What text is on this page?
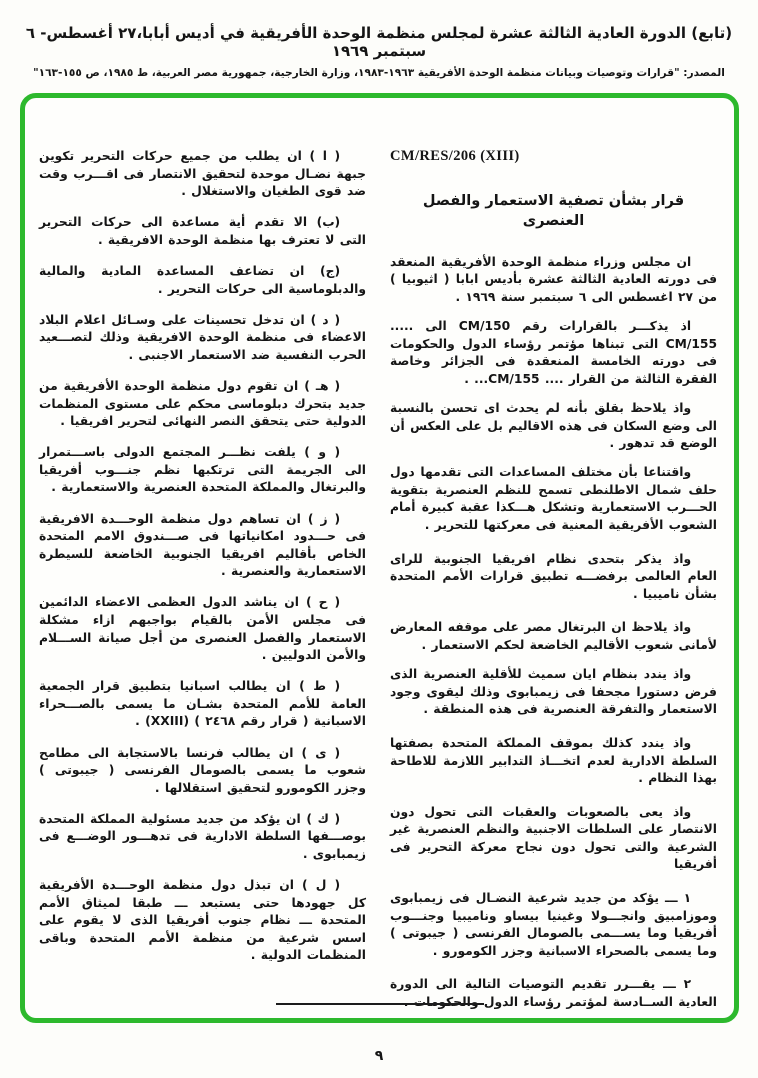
(تابع) الدورة العادية الثالثة عشرة لمجلس منظمة الوحدة الأفريقية في أديس أبابا،٢٧ أغسطس- ٦ سبتمبر ١٩٦٩
المصدر: "قرارات وتوصيات وبيانات منظمة الوحدة الأفريقية ١٩٦٣-١٩٨٣، وزارة الخارجية، جمهورية مصر العربية، ط ١٩٨٥، ص ١٥٥-١٦٣"
CM/RES/206 (XIII)
قرار بشأن تصفية الاستعمار والفصل العنصرى

ان مجلس وزراء منظمة الوحدة الأفريقية المنعقد فى دورته العادية الثالثة عشرة بأديس ابابا ( اثيوبيا ) من ٢٧ اغسطس الى ٦ سبتمبر سنة ١٩٦٩ .

اذ يذكـــر بالقرارات رقم CM/150 الى ..... CM/155 التى تبناها مؤتمر رؤساء الدول والحكومات فى دورته الخامسة المنعقدة فى الجزائر وخاصة الفقرة الثالثة من القرار .... CM/155... .

واذ يلاحظ بقلق بأنه لم يحدث اى تحسن بالنسبة الى وضع السكان فى هذه الاقاليم بل على العكس أن الوضع قد تدهور .

واقتناعا بأن مختلف المساعدات التى تقدمها دول حلف شمال الاطلنطى تسمح للنظم العنصرية بتقوية الحـــرب الاستعمارية وتشكل هـــكذا عقبة كبيرة أمام الشعوب الأفريقية المعنية فى معركتها للتحرير .

واذ يذكر بتحدى نظام افريقيا الجنوبية للراى العام العالمى برفضـــه تطبيق قرارات الأمم المتحدة بشأن ناميبيا .

واذ يلاحظ ان البرتغال مصر على موقفه المعارض لأمانى شعوب الأقاليم الخاضعة لحكم الاستعمار .

واذ يندد بنظام ايان سميث للأقلية العنصرية الذى فرض دستورا مجحفا فى زيمبابوى وذلك ليقوى وجود الاستعمار والتفرقة العنصرية فى هذه المنطقة .

واذ يندد كذلك بموقف المملكة المتحدة بصفتها السلطة الادارية لعدم اتخـــاذ التدابير اللازمة للاطاحة بهذا النظام .

واذ يعى بالصعوبات والعقبات التى تحول دون الانتصار على السلطات الاجنبية والنظم العنصرية غير الشرعية والتى تحول دون نجاح معركة التحرير فى أفريقيا

١ ـــ يؤكد من جديد شرعية النضـال فى زيمبابوى وموزامبيق وانجـــولا وغينيا بيساو وناميبيا وجنـــوب أفريقيا وما يســـمى بالصومال الفرنسى ( جيبوتى ) وما يسمى بالصحراء الاسبانية وجزر الكومورو .

٢ ـــ يقـــرر تقديم التوصيات التالية الى الدورة العادية الســادسة لمؤتمر رؤساء الدول والحكومات .

( ا ) ان يطلب من جميع حركات التحرير تكوين جبهة نضـال موحدة لتحقيق الانتصار فى اقـــرب وقت ضد قوى الطغيان والاستغلال .

(ب) الا تقدم أية مساعدة الى حركات التحرير التى لا تعترف بها منظمة الوحدة الافريقية .

(ج) ان تضاعف المساعدة المادية والمالية والدبلوماسية الى حركات التحرير .

( د ) ان تدخل تحسينات على وسـائل اعلام البلاد الاعضاء فى منظمة الوحدة الافريقية وذلك لتصـــعيد الحرب النفسية ضد الاستعمار الاجنبى .

( هـ ) ان تقوم دول منظمة الوحدة الأفريقية من جديد بتحرك دبلوماسى محكم على مستوى المنظمات الدولية حتى يتحقق النصر النهائى لتحرير افريقيا .

( و ) يلفت نظـــر المجتمع الدولى باســـتمرار الى الجريمة التى ترتكبها نظم جنـــوب أفريقيا والبرتغال والمملكة المتحدة العنصرية والاستعمارية .

( ز ) ان تساهم دول منظمة الوحـــدة الافريقية فى حـــدود امكانياتها فى صـــندوق الامم المتحدة الخاص بأقاليم افريقيا الجنوبية الخاضعة للسيطرة الاستعمارية والعنصرية .

( ح ) ان يناشد الدول العظمى الاعضاء الدائمين فى مجلس الأمن بالقيام بواجبهم ازاء مشكلة الاستعمار والفصل العنصرى من أجل صيانة الســـلام والأمن الدوليين .

( ط ) ان يطالب اسبانيا بتطبيق قرار الجمعية العامة للأمم المتحدة بشـان ما يسمى بالصـــحراء الاسبانية ( قرار رقم ٢٤٦٨ ) (XXIII) .

( ى ) ان يطالب فرنسا بالاستجابة الى مطامح شعوب ما يسمى بالصومال الفرنسى ( جيبوتى ) وجزر الكومورو لتحقيق استقلالها .

( ك ) ان يؤكد من جديد مسئولية المملكة المتحدة بوصـــفها السلطة الادارية فى تدهـــور الوضـــع فى زيمبابوى .

( ل ) ان تبذل دول منظمة الوحـــدة الأفريقية كل جهودها حتى يستبعد ـــ طبقا لميثاق الأمم المتحدة ـــ نظام جنوب أفريقيا الذى لا يقوم على اسس شرعية من منظمة الأمم المتحدة وباقى المنظمات الدولية .

٩
